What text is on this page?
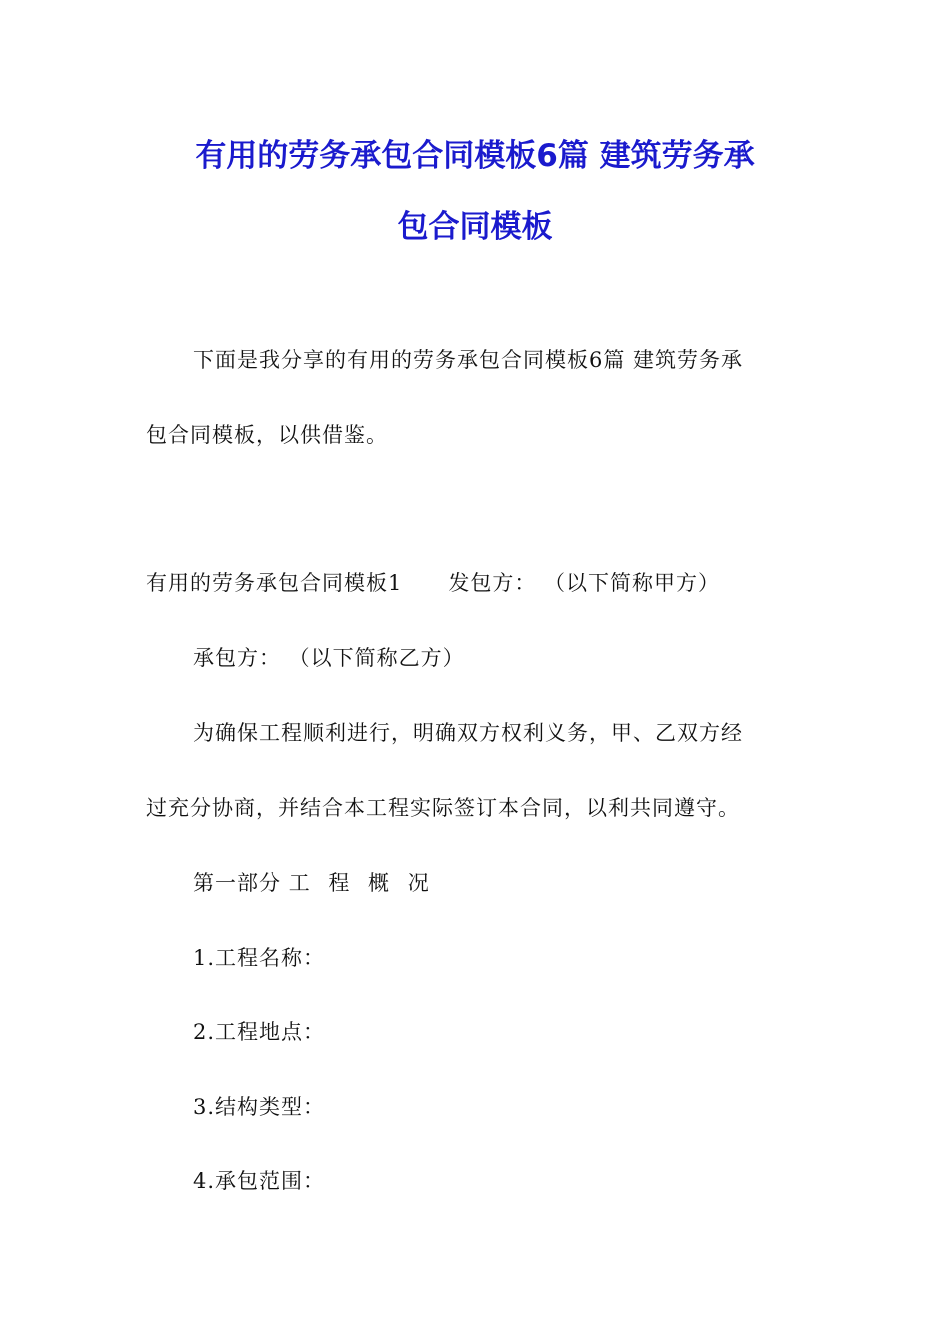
有用的劳务承包合同模板6篇 建筑劳务承
包合同模板

下面是我分享的有用的劳务承包合同模板6篇 建筑劳务承

包合同模板，以供借鉴。

有用的劳务承包合同模板1 发包方： （以下简称甲方）

承包方： （以下简称乙方）

为确保工程顺利进行，明确双方权利义务，甲、乙双方经

过充分协商，并结合本工程实际签订本合同，以利共同遵守。

第一部分 工 程 概 况

1.工程名称：

2.工程地点：

3.结构类型：

4.承包范围：
